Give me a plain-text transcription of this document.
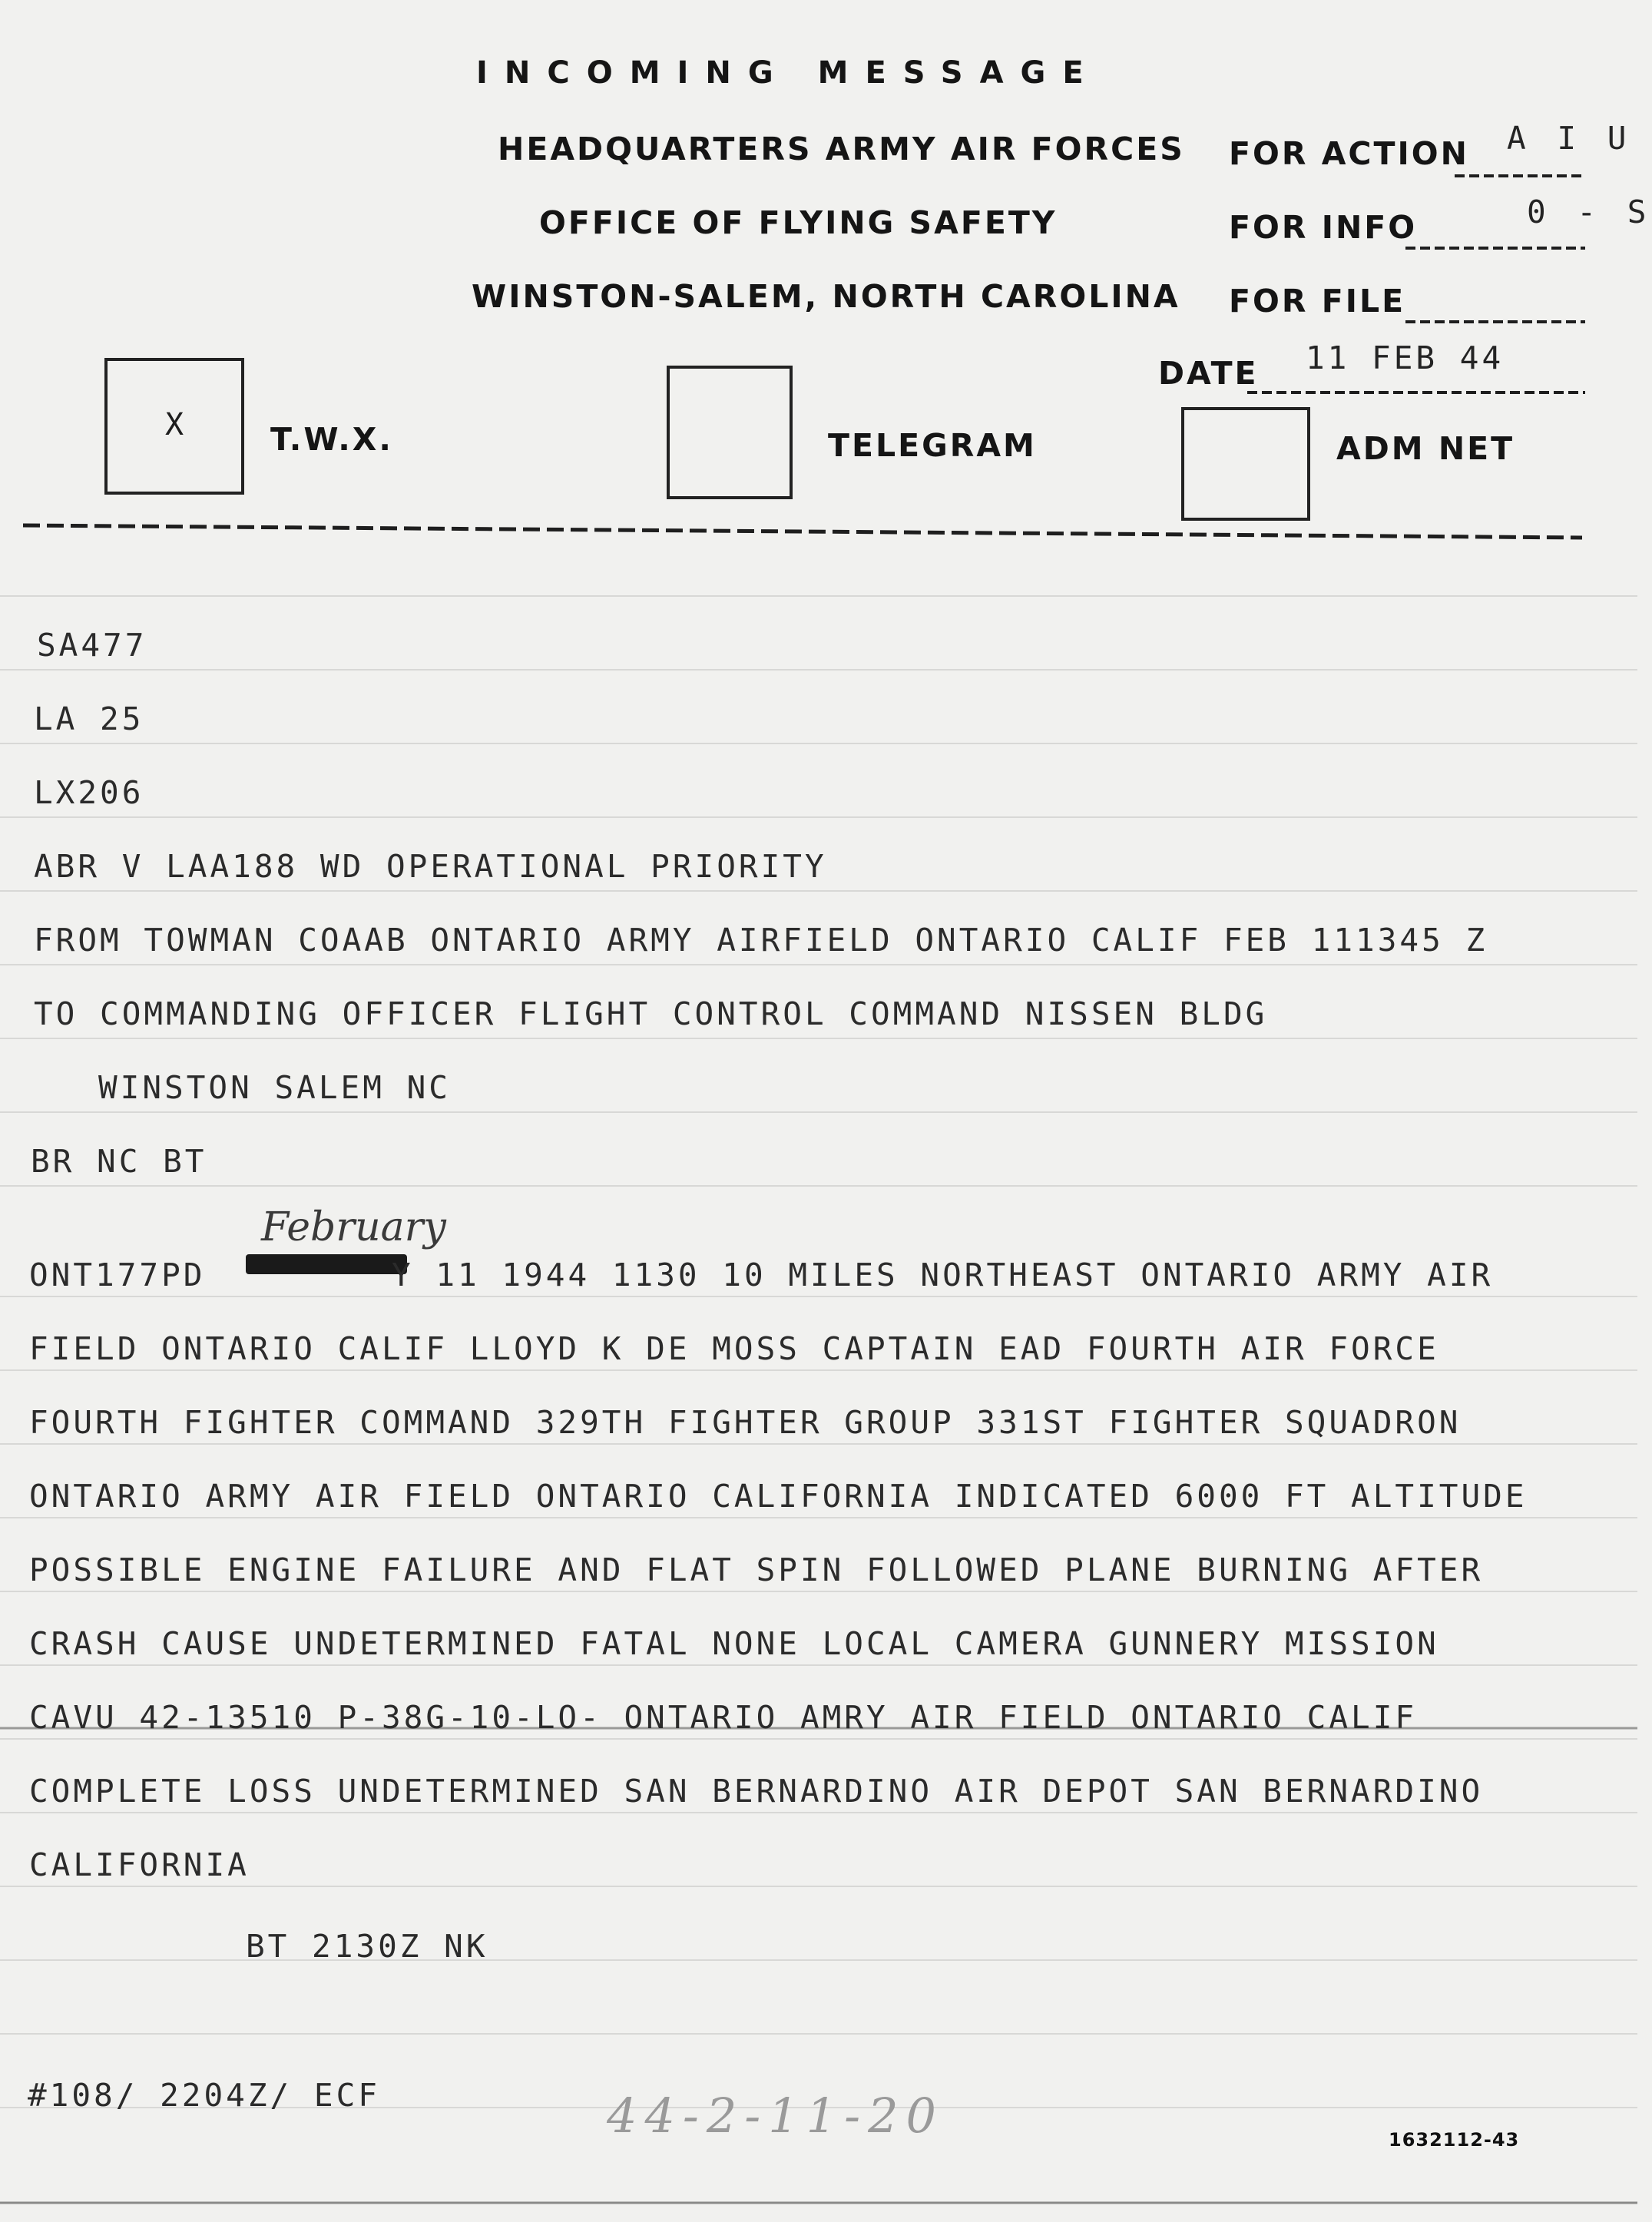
INCOMING MESSAGE
HEADQUARTERS ARMY AIR FORCES
OFFICE OF FLYING SAFETY
WINSTON-SALEM, NORTH CAROLINA
FOR ACTION A I U
FOR INFO	0 - S
FOR FILE
DATE 11 FEB 44
X	T.W.X.	TELEGRAM	ADM NET
SA477
LA 25
LX206
ABR V LAA188 WD OPERATIONAL PRIORITY
FROM TOWMAN COAAB ONTARIO ARMY AIRFIELD ONTARIO CALIF FEB 111345 Z
TO COMMANDING OFFICER FLIGHT CONTROL COMMAND NISSEN BLDG
WINSTON SALEM NC
BR NC BT
February
ONT177PD	Y 11 1944 1130 10 MILES NORTHEAST ONTARIO ARMY AIR
FIELD ONTARIO CALIF LLOYD K DE MOSS CAPTAIN EAD FOURTH AIR FORCE
FOURTH FIGHTER COMMAND 329TH FIGHTER GROUP 331ST FIGHTER SQUADRON
ONTARIO ARMY AIR FIELD ONTARIO CALIFORNIA INDICATED 6000 FT ALTITUDE
POSSIBLE ENGINE FAILURE AND FLAT SPIN FOLLOWED PLANE BURNING AFTER
CRASH CAUSE UNDETERMINED FATAL NONE LOCAL CAMERA GUNNERY MISSION
CAVU 42-13510 P-38G-10-LO- ONTARIO AMRY AIR FIELD ONTARIO CALIF
COMPLETE LOSS UNDETERMINED SAN BERNARDINO AIR DEPOT SAN BERNARDINO
CALIFORNIA
BT 2130Z NK
#108/ 2204Z/ ECF	44-2-11-20	1632112-43
